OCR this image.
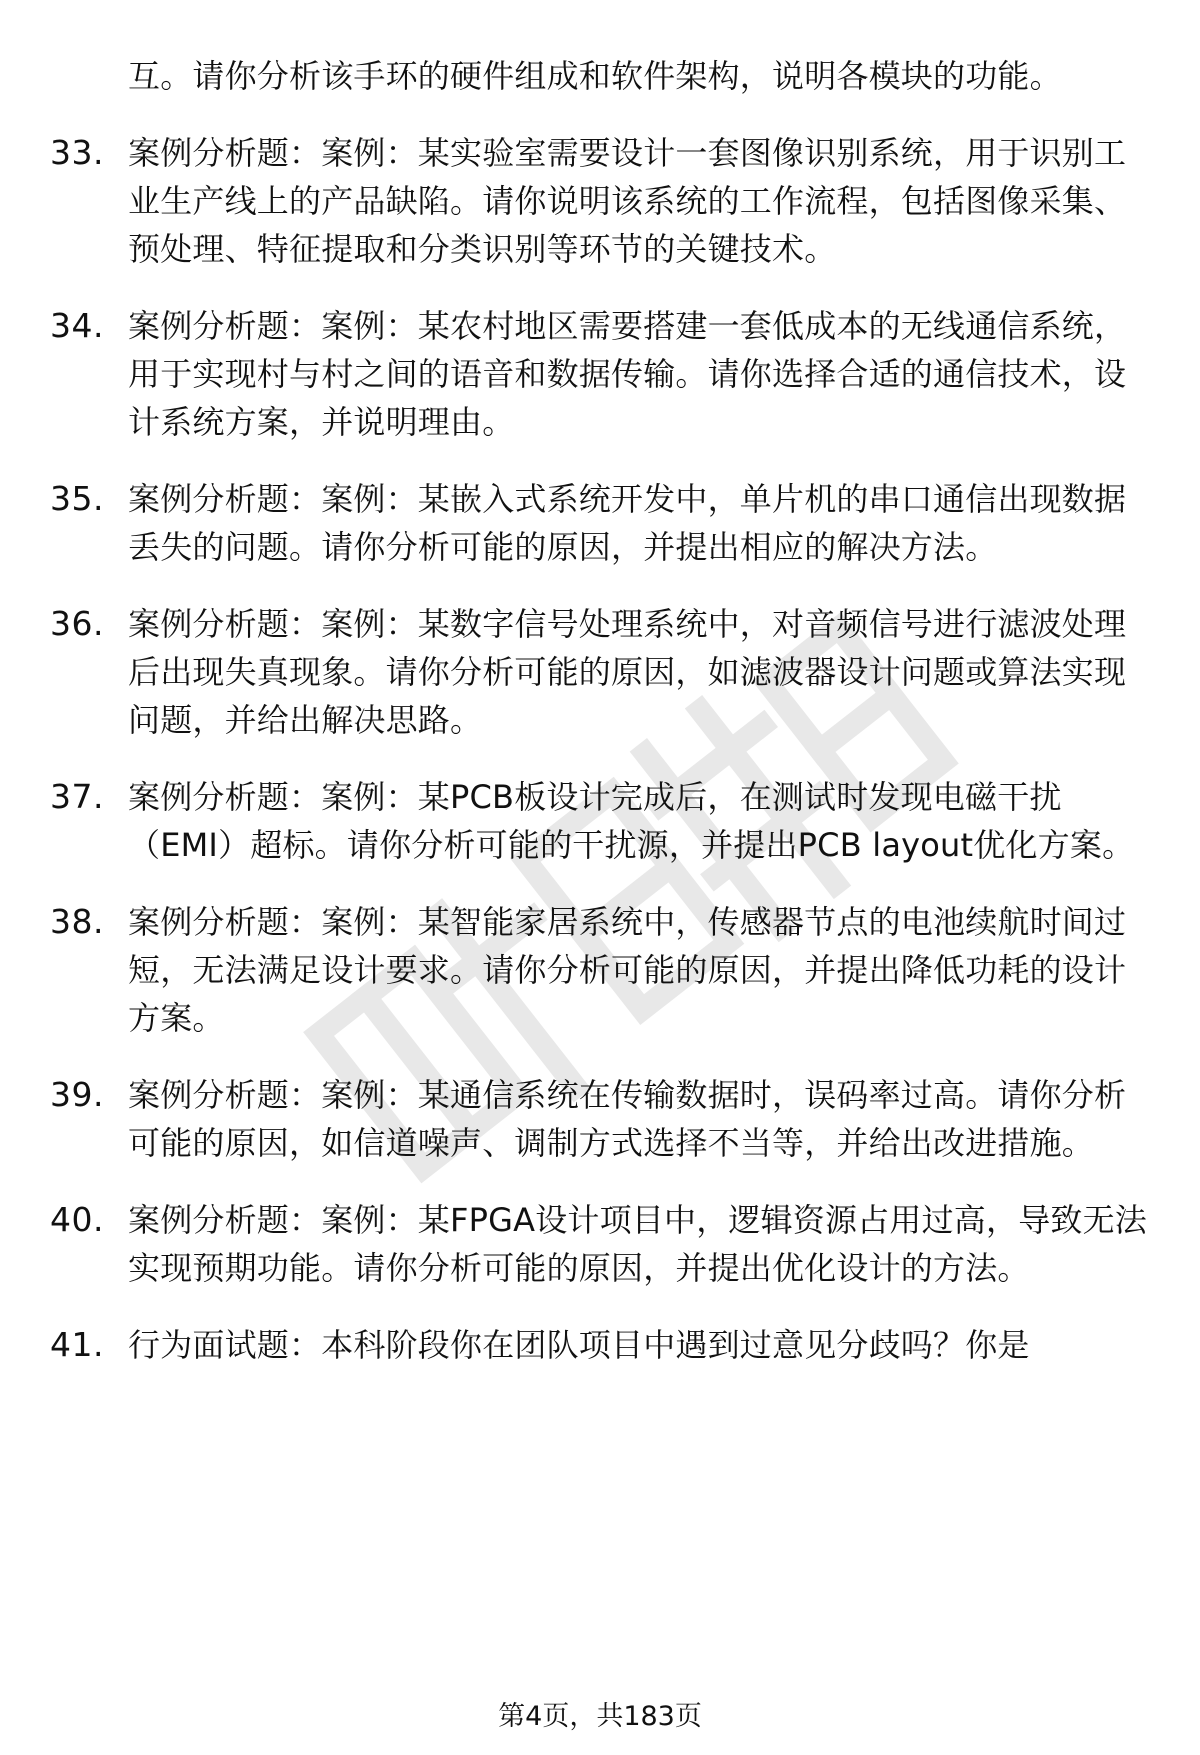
互。请你分析该手环的硬件组成和软件架构，说明各模块的功能。
33. 案例分析题：案例：某实验室需要设计一套图像识别系统，用于识别工业生产线上的产品缺陷。请你说明该系统的工作流程，包括图像采集、预处理、特征提取和分类识别等环节的关键技术。
34. 案例分析题：案例：某农村地区需要搭建一套低成本的无线通信系统，用于实现村与村之间的语音和数据传输。请你选择合适的通信技术，设计系统方案，并说明理由。
35. 案例分析题：案例：某嵌入式系统开发中，单片机的串口通信出现数据丢失的问题。请你分析可能的原因，并提出相应的解决方法。
36. 案例分析题：案例：某数字信号处理系统中，对音频信号进行滤波处理后出现失真现象。请你分析可能的原因，如滤波器设计问题或算法实现问题，并给出解决思路。
37. 案例分析题：案例：某PCB板设计完成后，在测试时发现电磁干扰（EMI）超标。请你分析可能的干扰源，并提出PCB layout优化方案。
38. 案例分析题：案例：某智能家居系统中，传感器节点的电池续航时间过短，无法满足设计要求。请你分析可能的原因，并提出降低功耗的设计方案。
39. 案例分析题：案例：某通信系统在传输数据时，误码率过高。请你分析可能的原因，如信道噪声、调制方式选择不当等，并给出改进措施。
40. 案例分析题：案例：某FPGA设计项目中，逻辑资源占用过高，导致无法实现预期功能。请你分析可能的原因，并提出优化设计的方法。
41. 行为面试题：本科阶段你在团队项目中遇到过意见分歧吗？你是
第4页，共183页
